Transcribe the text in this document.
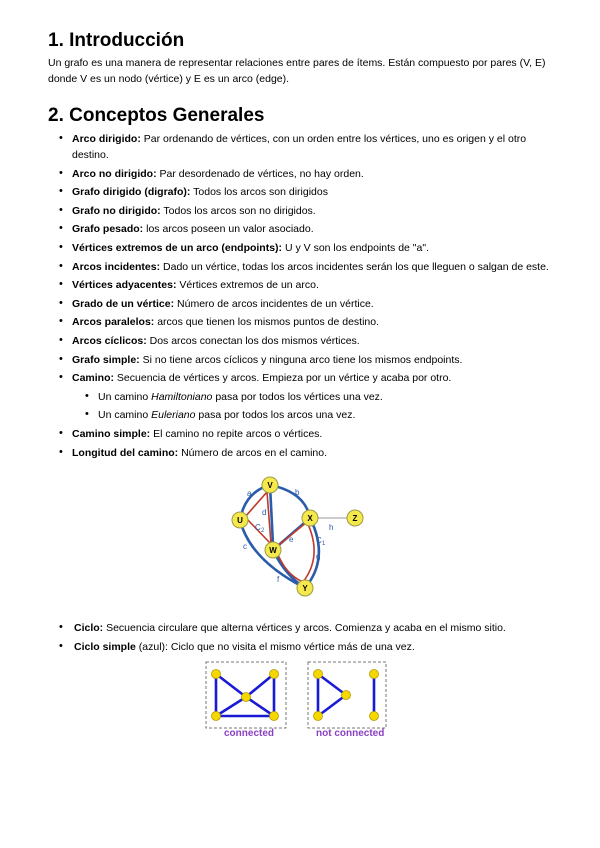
1. Introducción
Un grafo es una manera de representar relaciones entre pares de ítems. Están compuesto por pares (V, E) donde V es un nodo (vértice) y E es un arco (edge).
2. Conceptos Generales
• Arco dirigido: Par ordenando de vértices, con un orden entre los vértices, uno es origen y el otro destino.
• Arco no dirigido: Par desordenado de vértices, no hay orden.
• Grafo dirigido (digrafo): Todos los arcos son dirigidos
• Grafo no dirigido: Todos los arcos son no dirigidos.
• Grafo pesado: los arcos poseen un valor asociado.
• Vértices extremos de un arco (endpoints): U y V son los endpoints de "a".
• Arcos incidentes: Dado un vértice, todas los arcos incidentes serán los que lleguen o salgan de este.
• Vértices adyacentes: Vértices extremos de un arco.
• Grado de un vértice: Número de arcos incidentes de un vértice.
• Arcos paralelos: arcos que tienen los mismos puntos de destino.
• Arcos cíclicos: Dos arcos conectan los dos mismos vértices.
• Grafo simple: Si no tiene arcos cíclicos y ninguna arco tiene los mismos endpoints.
• Camino: Secuencia de vértices y arcos. Empieza por un vértice y acaba por otro.
• Un camino Hamiltoniano pasa por todos los vértices una vez.
• Un camino Euleriano pasa por todos los arcos una vez.
• Camino simple: El camino no repite arcos o vértices.
• Longitud del camino: Número de arcos en el camino.
V
U	X
W
Z
Y
a	b
c
d
e
f
g
h
C 2
C 1
• Ciclo: Secuencia circulare que alterna vértices y arcos. Comienza y acaba en el mismo sitio.
• Ciclo simple (azul): Ciclo que no visita el mismo vértice más de una vez.
connected	not connected
